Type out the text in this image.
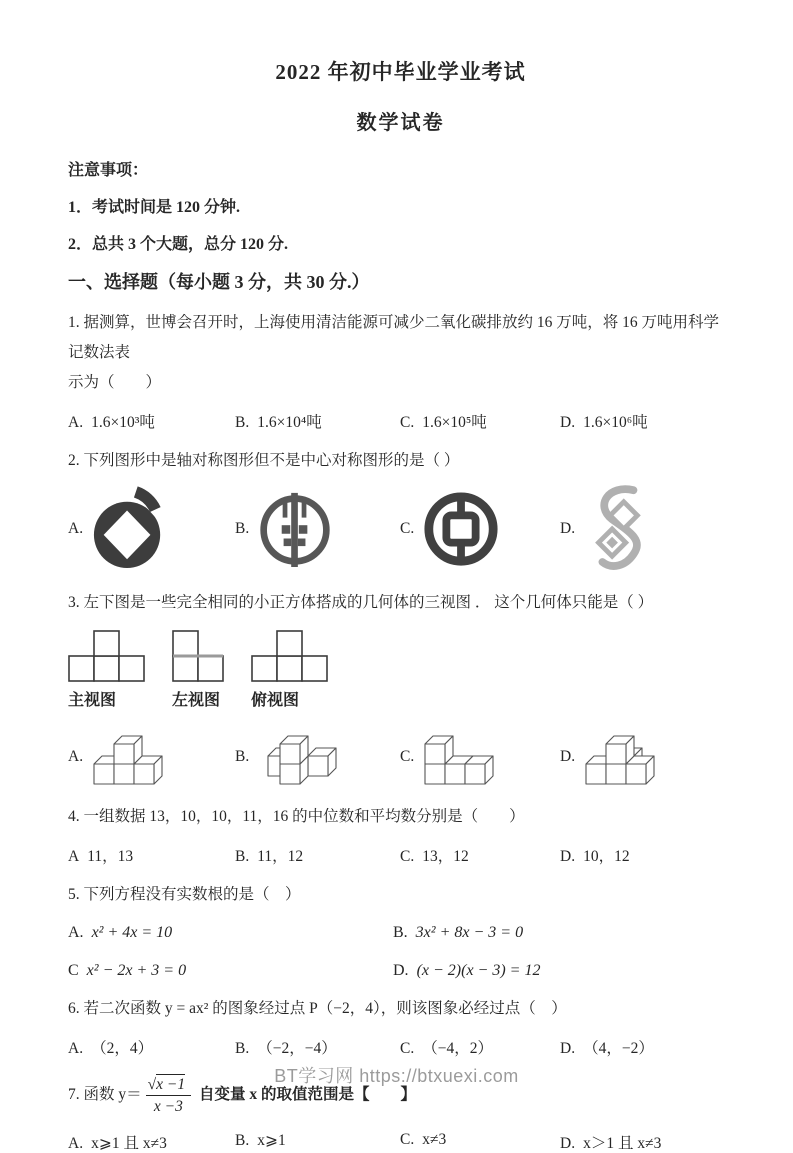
2022 年初中毕业学业考试
数学试卷
注意事项：
1．考试时间是 120 分钟.
2．总共 3 个大题，总分 120 分.
一、选择题（每小题 3 分，共 30 分.）
1. 据测算，世博会召开时，上海使用清洁能源可减少二氧化碳排放约 16 万吨，将 16 万吨用科学记数法表
示为（　　）
A. 1.6×10³吨	B. 1.6×10⁴吨	C. 1.6×10⁵吨	D. 1.6×10⁶吨
2. 下列图形中是轴对称图形但不是中心对称图形的是（ ）
A.	B.	C.	D.
3. 左下图是一些完全相同的小正方体搭成的几何体的三视图 ． 这个几何体只能是（ ）
主视图	左视图 俯视图
A.	B.	C.	D.
4. 一组数据 13，10，10，11，16 的中位数和平均数分别是（　　）
A 11，13	B. 11，12	C. 13，12	D. 10，12
5. 下列方程没有实数根的是（　）
A. x² + 4x = 10	B. 3x² + 8x − 3 = 0
C x² − 2x + 3 = 0	D. (x − 2)(x − 3) = 12
6. 若二次函数 y = ax² 的图象经过点 P（−2，4），则该图象必经过点（　）
A. （2，4）	B. （−2，−4）	C. （−4，2）	D. （4，−2）
7. 函数 $y= \frac{√x -1}{x -3}$ 自变量 x 的取值范围是【　　】
A. x⩾1 且 x≠3	B. x⩾1	C. x≠3	D. x＞1 且 x≠3
BT学习网 https://btxuexi.com
